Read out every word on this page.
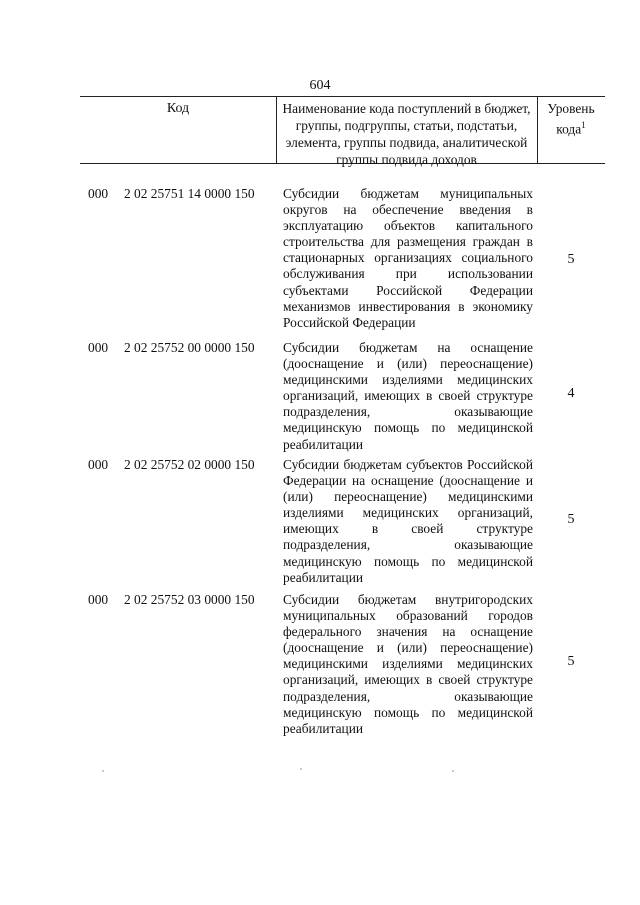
604
Код	Наименование кода поступлений в бюджет, группы, подгруппы, статьи, подстатьи, элемента, группы подвида, аналитической группы подвида доходов
Уровень кода$^1$
000 2 02 25751 14 0000 150 Субсидии бюджетам муниципальных округов на обеспечение введения в эксплуатацию объектов капитального строительства для размещения граждан в стационарных организациях социального обслуживания при использовании субъектами Российской Федерации механизмов инвестирования в экономику Российской Федерации
5
000 2 02 25752 00 0000 150 Субсидии бюджетам на оснащение (дооснащение и (или) переоснащение) медицинскими изделиями медицинских организаций, имеющих в своей структуре подразделения, оказывающие медицинскую помощь по медицинской реабилитации
4
000 2 02 25752 02 0000 150 Субсидии бюджетам субъектов Российской Федерации на оснащение (дооснащение и (или) переоснащение) медицинскими изделиями медицинских организаций, имеющих в своей структуре подразделения, оказывающие медицинскую помощь по медицинской реабилитации
5
000 2 02 25752 03 0000 150 Субсидии бюджетам внутригородских муниципальных образований городов федерального значения на оснащение (дооснащение и (или) переоснащение) медицинскими изделиями медицинских организаций, имеющих в своей структуре подразделения, оказывающие медицинскую помощь по медицинской реабилитации
5
